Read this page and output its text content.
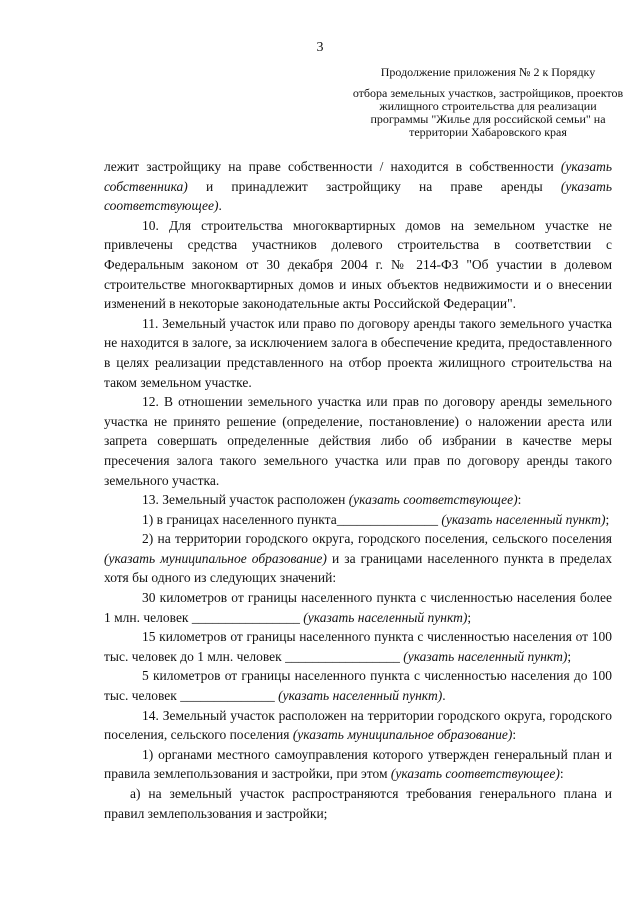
3
Продолжение приложения № 2 к Порядку
отбора земельных участков, застройщиков, проектов жилищного строительства для реализации программы "Жилье для российской семьи" на территории Хабаровского края

лежит застройщику на праве собственности / находится в собственности (указать собственника) и принадлежит застройщику на праве аренды (указать соответствующее).

10. Для строительства многоквартирных домов на земельном участке не привлечены средства участников долевого строительства в соответствии с Федеральным законом от 30 декабря 2004 г. № 214-ФЗ "Об участии в долевом строительстве многоквартирных домов и иных объектов недвижимости и о внесении изменений в некоторые законодательные акты Российской Федерации".

11. Земельный участок или право по договору аренды такого земельного участка не находится в залоге, за исключением залога в обеспечение кредита, предоставленного в целях реализации представленного на отбор проекта жилищного строительства на таком земельном участке.

12. В отношении земельного участка или прав по договору аренды земельного участка не принято решение (определение, постановление) о наложении ареста или запрета совершать определенные действия либо об избрании в качестве меры пресечения залога такого земельного участка или прав по договору аренды такого земельного участка.

13. Земельный участок расположен (указать соответствующее):

1) в границах населенного пункта_______________ (указать населенный пункт);

2) на территории городского округа, городского поселения, сельского поселения (указать муниципальное образование) и за границами населенного пункта в пределах хотя бы одного из следующих значений:

30 километров от границы населенного пункта с численностью населения более 1 млн. человек ________________ (указать населенный пункт);

15 километров от границы населенного пункта с численностью населения от 100 тыс. человек до 1 млн. человек _________________ (указать населенный пункт);

5 километров от границы населенного пункта с численностью населения до 100 тыс. человек ______________ (указать населенный пункт).

14. Земельный участок расположен на территории городского округа, городского поселения, сельского поселения (указать муниципальное образование):

1) органами местного самоуправления которого утвержден генеральный план и правила землепользования и застройки, при этом (указать соответствующее):

а) на земельный участок распространяются требования генерального плана и правил землепользования и застройки;
